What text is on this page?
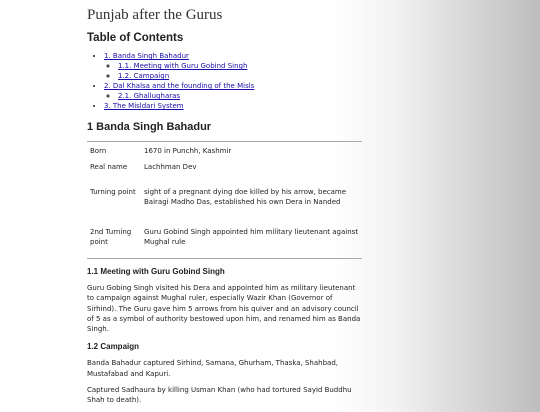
Punjab after the Gurus
Table of Contents
• 1. Banda Singh Bahadur
◦ 1.1. Meeting with Guru Gobind Singh
◦ 1.2. Campaign
• 2. Dal Khalsa and the founding of the Misls
◦ 2.1. Ghallugharas
• 3. The Misldari System
1 Banda Singh Bahadur
Born	1670 in Punchh, Kashmir
Real name	Lachhman Dev
Turning point	sight of a pregnant dying doe killed by his arrow, became Bairagi Madho Das, established his own Dera in Nanded
2nd Turning point	Guru Gobind Singh appointed him military lieutenant against Mughal rule
1.1 Meeting with Guru Gobind Singh

Guru Gobing Singh visited his Dera and appointed him as military lieutenant to campaign against Mughal ruler, especially Wazir Khan (Governor of Sirhind). The Guru gave him 5 arrows from his quiver and an advisory council of 5 as a symbol of authority bestowed upon him, and renamed him as Banda Singh.

1.2 Campaign

Banda Bahadur captured Sirhind, Samana, Ghurham, Thaska, Shahbad, Mustafabad and Kapuri.

Captured Sadhaura by killing Usman Khan (who had tortured Sayid Buddhu Shah to death).
